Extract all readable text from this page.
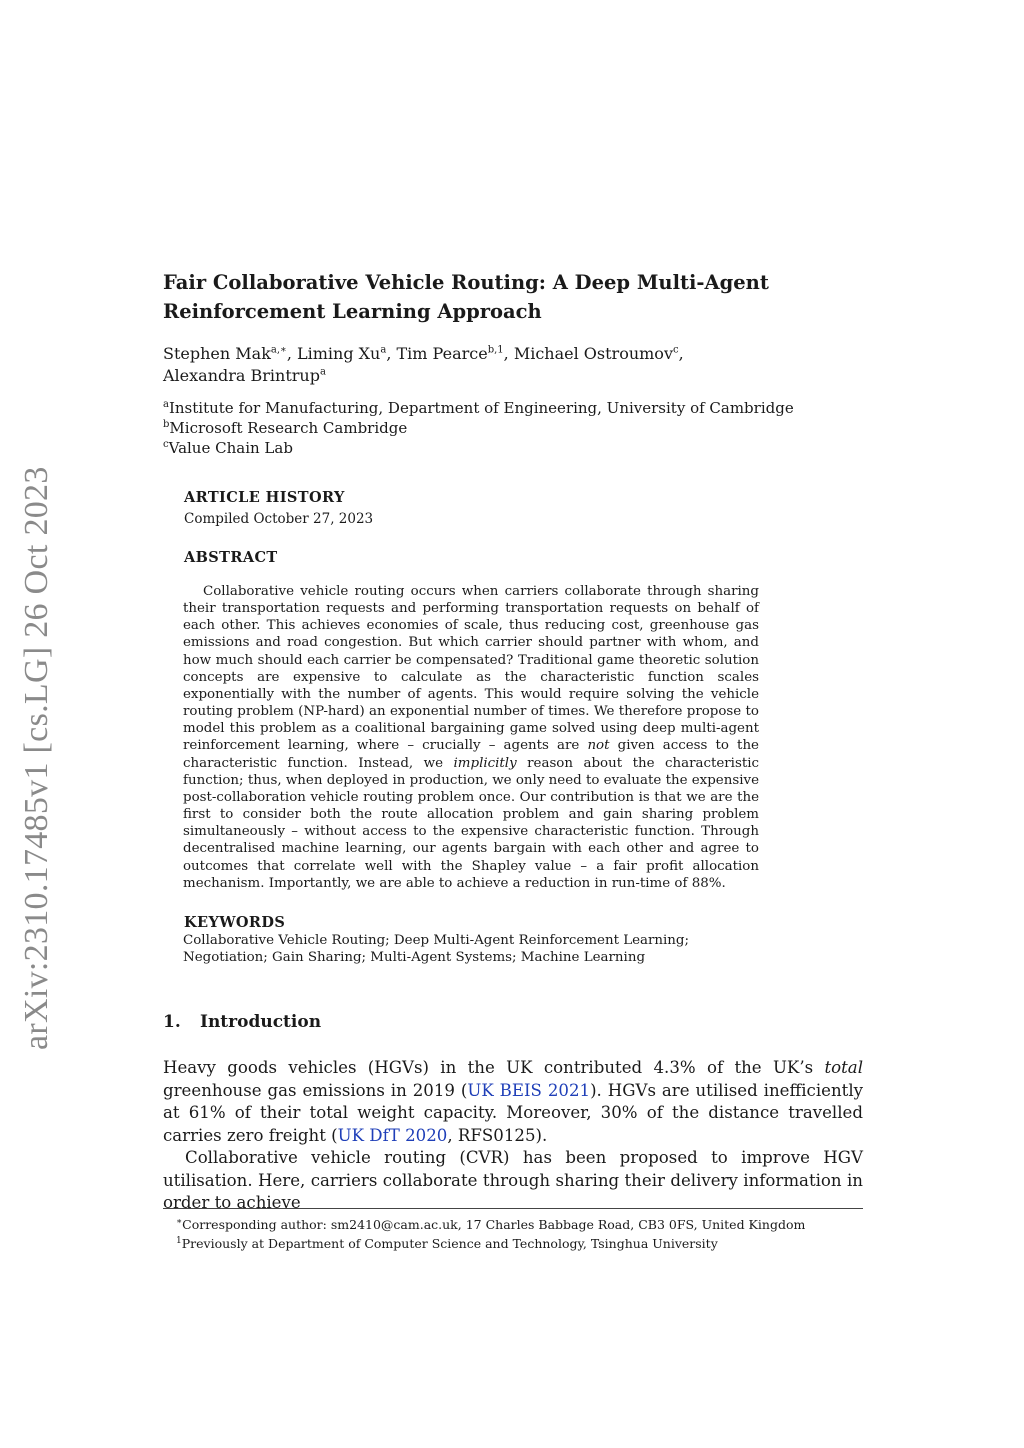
arXiv:2310.17485v1 [cs.LG] 26 Oct 2023
Fair Collaborative Vehicle Routing: A Deep Multi-Agent
Reinforcement Learning Approach
Stephen Mak$^{a,∗}$, Liming Xu$^a$, Tim Pearce$^{b,1}$, Michael Ostroumov$^c$,
Alexandra Brintrup$^a$
$^a$Institute for Manufacturing, Department of Engineering, University of Cambridge
$^b$Microsoft Research Cambridge
$^c$Value Chain Lab
ARTICLE HISTORY
Compiled October 27, 2023
ABSTRACT

Collaborative vehicle routing occurs when carriers collaborate through sharing their transportation requests and performing transportation requests on behalf of each other. This achieves economies of scale, thus reducing cost, greenhouse gas emissions and road congestion. But which carrier should partner with whom, and how much should each carrier be compensated? Traditional game theoretic solution concepts are expensive to calculate as the characteristic function scales exponentially with the number of agents. This would require solving the vehicle routing problem (NP-hard) an exponential number of times. We therefore propose to model this problem as a coalitional bargaining game solved using deep multi-agent reinforcement learning, where – crucially – agents are not given access to the characteristic function. Instead, we implicitly reason about the characteristic function; thus, when deployed in production, we only need to evaluate the expensive post-collaboration vehicle routing problem once. Our contribution is that we are the first to consider both the route allocation problem and gain sharing problem simultaneously – without access to the expensive characteristic function. Through decentralised machine learning, our agents bargain with each other and agree to outcomes that correlate well with the Shapley value – a fair profit allocation mechanism. Importantly, we are able to achieve a reduction in run-time of 88%.

KEYWORDS
Collaborative Vehicle Routing; Deep Multi-Agent Reinforcement Learning; Negotiation; Gain Sharing; Multi-Agent Systems; Machine Learning
1. Introduction

Heavy goods vehicles (HGVs) in the UK contributed 4.3% of the UK’s total greenhouse gas emissions in 2019 (UK BEIS 2021). HGVs are utilised inefficiently at 61% of their total weight capacity. Moreover, 30% of the distance travelled carries zero freight (UK DfT 2020, RFS0125).

Collaborative vehicle routing (CVR) has been proposed to improve HGV utilisation. Here, carriers collaborate through sharing their delivery information in order to achieve

∗Corresponding author: sm2410@cam.ac.uk, 17 Charles Babbage Road, CB3 0FS, United Kingdom
$^1$Previously at Department of Computer Science and Technology, Tsinghua University
